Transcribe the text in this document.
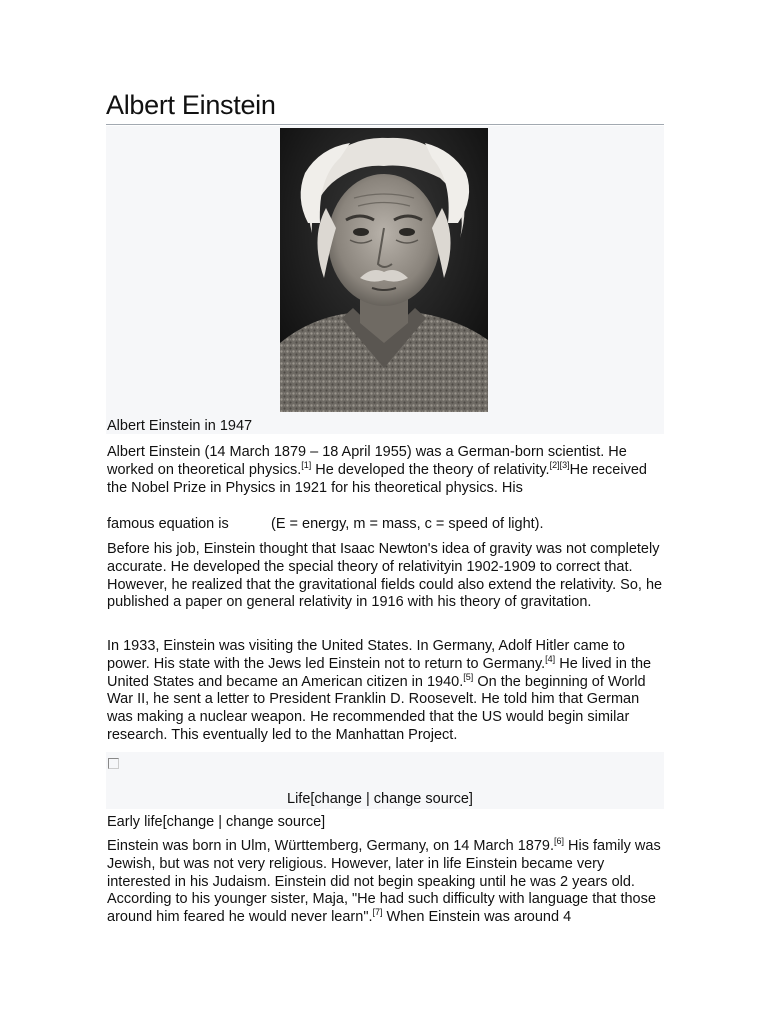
Albert Einstein
Albert Einstein in 1947

Albert Einstein (14 March 1879 – 18 April 1955) was a German-born scientist. He worked on theoretical physics.[1] He developed the theory of relativity.[2][3]He received the Nobel Prize in Physics in 1921 for his theoretical physics. His

famous equation is	(E = energy, m = mass, c = speed of light).

Before his job, Einstein thought that Isaac Newton's idea of gravity was not completely accurate. He developed the special theory of relativityin 1902-1909 to correct that. However, he realized that the gravitational fields could also extend the relativity. So, he published a paper on general relativity in 1916 with his theory of gravitation.

In 1933, Einstein was visiting the United States. In Germany, Adolf Hitler came to power. His state with the Jews led Einstein not to return to Germany.[4] He lived in the United States and became an American citizen in 1940.[5] On the beginning of World War II, he sent a letter to President Franklin D. Roosevelt. He told him that German was making a nuclear weapon. He recommended that the US would begin similar research. This eventually led to the Manhattan Project.

Life[change | change source]
Early life[change | change source]

Einstein was born in Ulm, Württemberg, Germany, on 14 March 1879.[6] His family was Jewish, but was not very religious. However, later in life Einstein became very interested in his Judaism. Einstein did not begin speaking until he was 2 years old. According to his younger sister, Maja, "He had such difficulty with language that those around him feared he would never learn".[7] When Einstein was around 4
